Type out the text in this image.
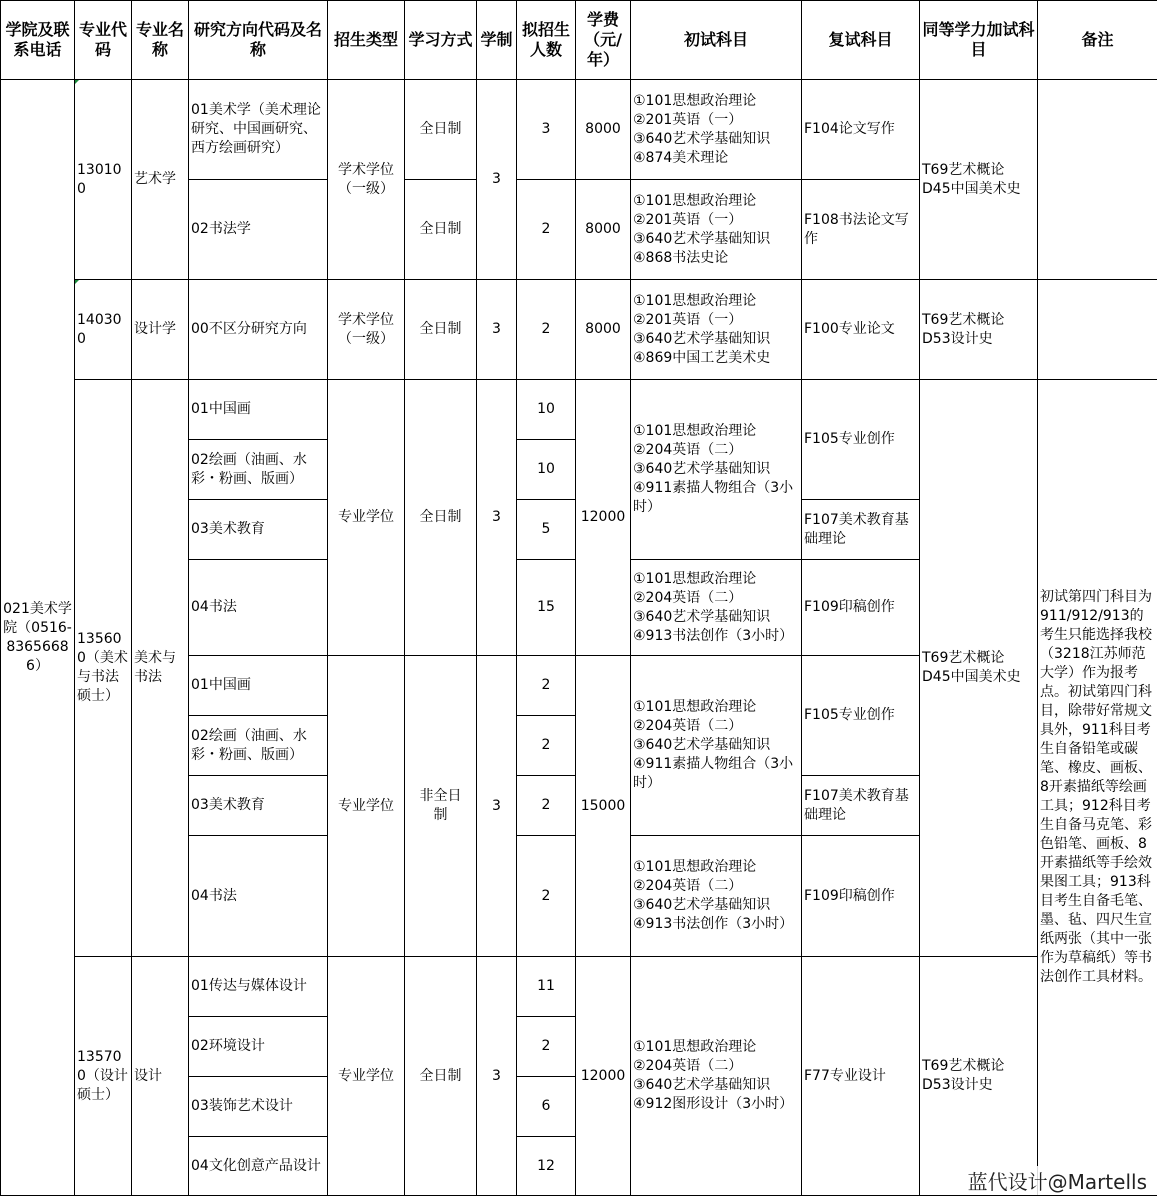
学院及联系电话	专业代码	专业名称	研究方向代码及名称	招生类型	学习方式	学制	拟招生人数	学费（元/年）	初试科目	复试科目	同等学力加试科目	备注
021美术学院（0516-83656686）	130100	艺术学	01美术学（美术理论研究、中国画研究、西方绘画研究）	学术学位（一级）	全日制	3	3	8000	①101思想政治理论
②201英语（一）
③640艺术学基础知识
④874美术理论	F104论文写作	T69艺术概论
D45中国美术史	
			02书法学		全日制		2	8000	①101思想政治理论
②201英语（一）
③640艺术学基础知识
④868书法史论	F108书法论文写作		
	140300	设计学	00不区分研究方向	学术学位（一级）	全日制	3	2	8000	①101思想政治理论
②201英语（一）
③640艺术学基础知识
④869中国工艺美术史	F100专业论文	T69艺术概论
D53设计史	
	135600（美术与书法硕士）	美术与书法	01中国画	专业学位	全日制	3	10	12000	①101思想政治理论
②204英语（二）
③640艺术学基础知识
④911素描人物组合（3小时）	F105专业创作	T69艺术概论
D45中国美术史	初试第四门科目为911/912/913的考生只能选择我校（3218江苏师范大学）作为报考点。初试第四门科目，除带好常规文具外，911科目考生自备铅笔或碳笔、橡皮、画板、8开素描纸等绘画工具；912科目考生自备马克笔、彩色铅笔、画板、8开素描纸等手绘效果图工具；913科目考生自备毛笔、墨、毡、四尺生宣纸两张（其中一张作为草稿纸）等书法创作工具材料。
			02绘画（油画、水彩・粉画、版画）				10					
			03美术教育				5			F107美术教育基础理论		
			04书法				15		①101思想政治理论
②204英语（二）
③640艺术学基础知识
④913书法创作（3小时）	F109印稿创作		
			01中国画	专业学位	非全日制	3	2	15000	①101思想政治理论
②204英语（二）
③640艺术学基础知识
④911素描人物组合（3小时）	F105专业创作		
			02绘画（油画、水彩・粉画、版画）				2					
			03美术教育				2			F107美术教育基础理论		
			04书法				2		①101思想政治理论
②204英语（二）
③640艺术学基础知识
④913书法创作（3小时）	F109印稿创作		
	135700（设计硕士）	设计	01传达与媒体设计	专业学位	全日制	3	11	12000	①101思想政治理论
②204英语（二）
③640艺术学基础知识
④912图形设计（3小时）	F77专业设计	T69艺术概论
D53设计史	
			02环境设计				2					
			03装饰艺术设计				6					
			04文化创意产品设计				12					
蓝代设计@Martells
